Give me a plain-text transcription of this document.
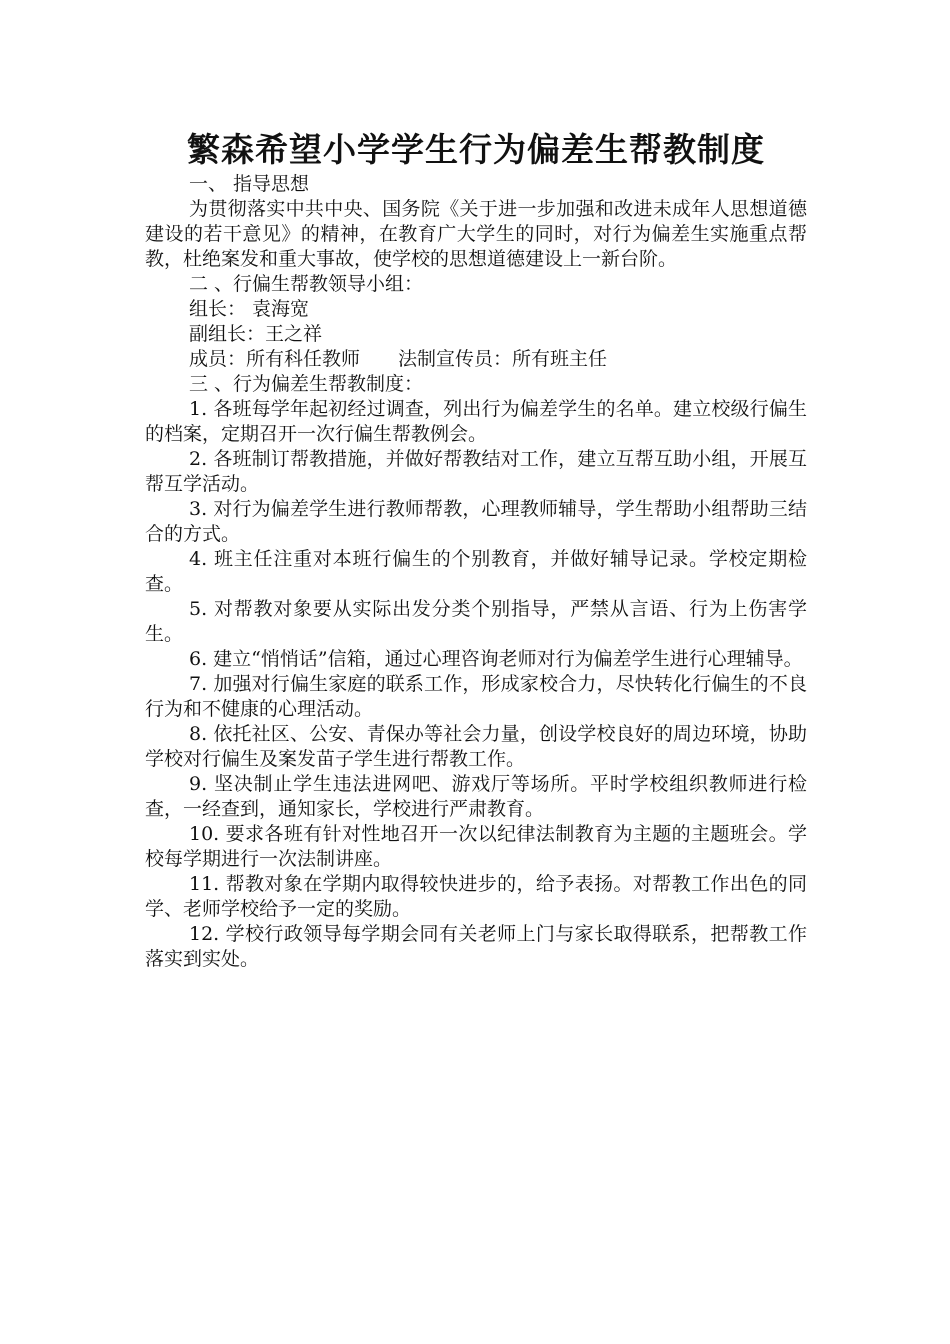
繁森希望小学学生行为偏差生帮教制度

一、 指导思想

为贯彻落实中共中央、国务院《关于进一步加强和改进未成年人思想道德建设的若干意见》的精神，在教育广大学生的同时，对行为偏差生实施重点帮教，杜绝案发和重大事故，使学校的思想道德建设上一新台阶。

二 、行偏生帮教领导小组：

组长： 袁海宽

副组长：王之祥

成员：所有科任教师　　法制宣传员：所有班主任

三 、行为偏差生帮教制度：

1. 各班每学年起初经过调查，列出行为偏差学生的名单。建立校级行偏生的档案，定期召开一次行偏生帮教例会。

2. 各班制订帮教措施，并做好帮教结对工作，建立互帮互助小组，开展互帮互学活动。

3. 对行为偏差学生进行教师帮教，心理教师辅导，学生帮助小组帮助三结合的方式。

4. 班主任注重对本班行偏生的个别教育，并做好辅导记录。学校定期检查。

5. 对帮教对象要从实际出发分类个别指导，严禁从言语、行为上伤害学生。

6. 建立“悄悄话”信箱，通过心理咨询老师对行为偏差学生进行心理辅导。

7. 加强对行偏生家庭的联系工作，形成家校合力，尽快转化行偏生的不良行为和不健康的心理活动。

8. 依托社区、公安、青保办等社会力量，创设学校良好的周边环境，协助学校对行偏生及案发苗子学生进行帮教工作。

9. 坚决制止学生违法进网吧、游戏厅等场所。平时学校组织教师进行检查，一经查到，通知家长，学校进行严肃教育。

10. 要求各班有针对性地召开一次以纪律法制教育为主题的主题班会。学校每学期进行一次法制讲座。

11. 帮教对象在学期内取得较快进步的，给予表扬。对帮教工作出色的同学、老师学校给予一定的奖励。

12. 学校行政领导每学期会同有关老师上门与家长取得联系，把帮教工作落实到实处。
